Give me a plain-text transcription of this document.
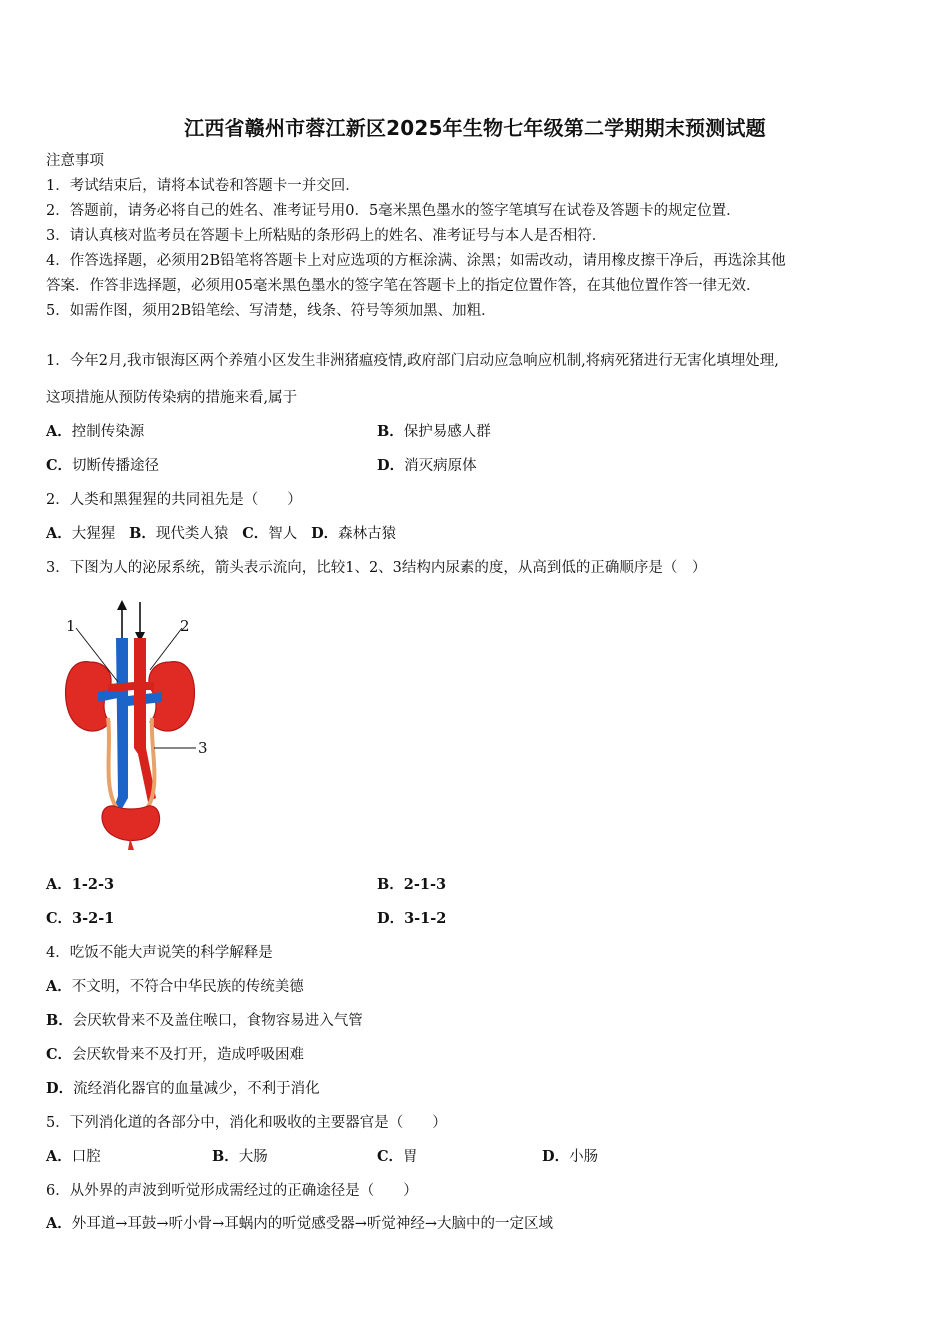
江西省赣州市蓉江新区2025年生物七年级第二学期期末预测试题
注意事项
1．考试结束后，请将本试卷和答题卡一并交回．
2．答题前，请务必将自己的姓名、准考证号用0．5毫米黑色墨水的签字笔填写在试卷及答题卡的规定位置．
3．请认真核对监考员在答题卡上所粘贴的条形码上的姓名、准考证号与本人是否相符．
4．作答选择题，必须用2B铅笔将答题卡上对应选项的方框涂满、涂黑；如需改动，请用橡皮擦干净后，再选涂其他
答案．作答非选择题，必须用05毫米黑色墨水的签字笔在答题卡上的指定位置作答，在其他位置作答一律无效．
5．如需作图，须用2B铅笔绘、写清楚，线条、符号等须加黑、加粗．
1．今年2月,我市银海区两个养殖小区发生非洲猪瘟疫情,政府部门启动应急响应机制,将病死猪进行无害化填埋处理,
这项措施从预防传染病的措施来看,属于
A．控制传染源	B．保护易感人群
C．切断传播途径	D．消灭病原体
2．人类和黑猩猩的共同祖先是（　　）
A．大猩猩 B．现代类人猿 C．智人 D．森林古猿
3．下图为人的泌尿系统，箭头表示流向，比较1、2、3结构内尿素的度，从高到低的正确顺序是（　）
1	2
3
A．1-2-3	B．2-1-3
C．3-2-1	D．3-1-2
4．吃饭不能大声说笑的科学解释是
A．不文明，不符合中华民族的传统美德
B．会厌软骨来不及盖住喉口，食物容易进入气管
C．会厌软骨来不及打开，造成呼吸困难
D．流经消化器官的血量减少，不利于消化
5．下列消化道的各部分中，消化和吸收的主要器官是（　　）
A．口腔	B．大肠	C．胃	D．小肠
6．从外界的声波到听觉形成需经过的正确途径是（　　）
A．外耳道→耳鼓→听小骨→耳蜗内的听觉感受器→听觉神经→大脑中的一定区域
